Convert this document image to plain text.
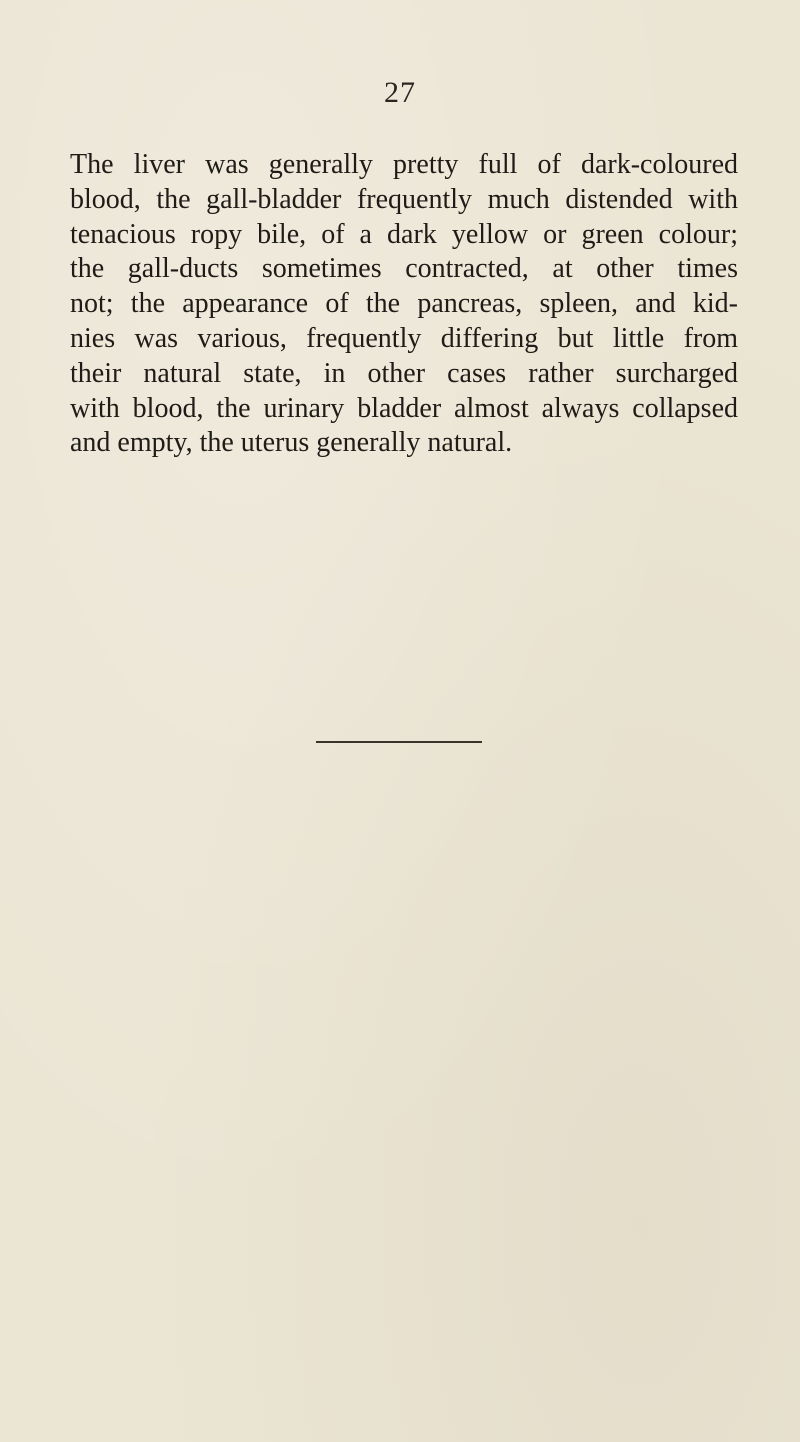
27
The liver was generally pretty full of dark-coloured
blood, the gall-bladder frequently much distended with
tenacious ropy bile, of a dark yellow or green colour;
the gall-ducts sometimes contracted, at other times
not; the appearance of the pancreas, spleen, and kid-
nies was various, frequently differing but little from
their natural state, in other cases rather surcharged
with blood, the urinary bladder almost always collapsed
and empty, the uterus generally natural.
